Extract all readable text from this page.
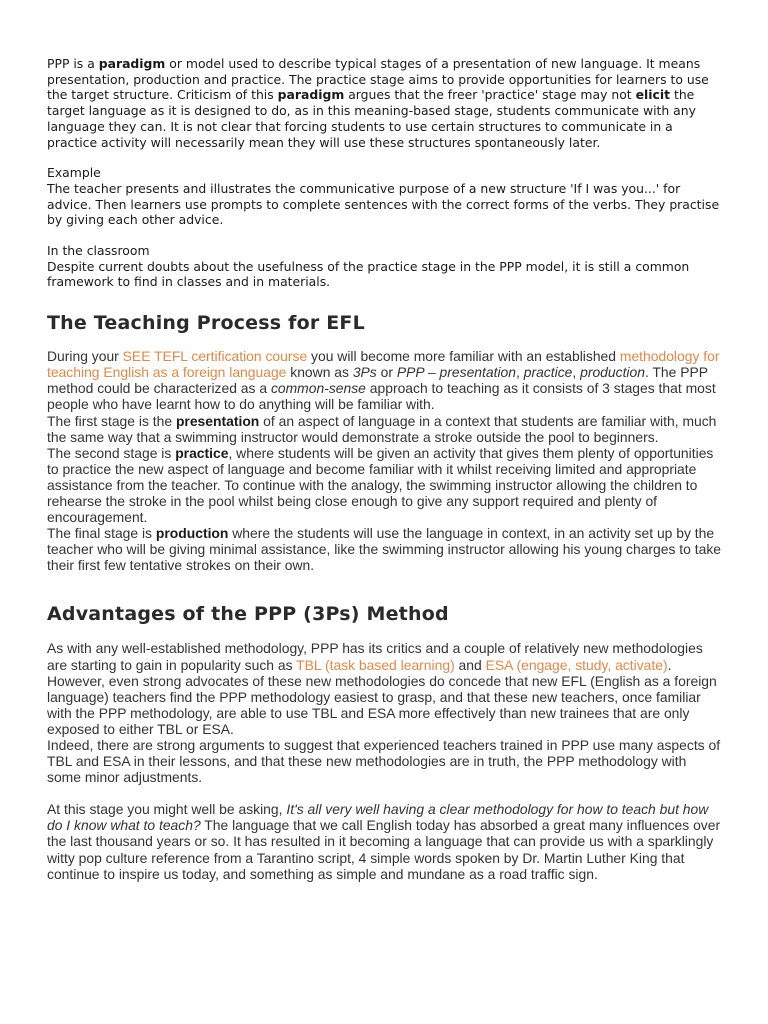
PPP is a paradigm or model used to describe typical stages of a presentation of new language. It means presentation, production and practice. The practice stage aims to provide opportunities for learners to use the target structure. Criticism of this paradigm argues that the freer 'practice' stage may not elicit the target language as it is designed to do, as in this meaning-based stage, students communicate with any language they can. It is not clear that forcing students to use certain structures to communicate in a practice activity will necessarily mean they will use these structures spontaneously later.

Example

The teacher presents and illustrates the communicative purpose of a new structure 'If I was you...' for advice. Then learners use prompts to complete sentences with the correct forms of the verbs. They practise by giving each other advice.

In the classroom

Despite current doubts about the usefulness of the practice stage in the PPP model, it is still a common framework to find in classes and in materials.

The Teaching Process for EFL

During your SEE TEFL certification course you will become more familiar with an established methodology for teaching English as a foreign language known as 3Ps or PPP – presentation, practice, production. The PPP method could be characterized as a common-sense approach to teaching as it consists of 3 stages that most people who have learnt how to do anything will be familiar with.

The first stage is the presentation of an aspect of language in a context that students are familiar with, much the same way that a swimming instructor would demonstrate a stroke outside the pool to beginners.

The second stage is practice, where students will be given an activity that gives them plenty of opportunities to practice the new aspect of language and become familiar with it whilst receiving limited and appropriate assistance from the teacher. To continue with the analogy, the swimming instructor allowing the children to rehearse the stroke in the pool whilst being close enough to give any support required and plenty of encouragement.

The final stage is production where the students will use the language in context, in an activity set up by the teacher who will be giving minimal assistance, like the swimming instructor allowing his young charges to take their first few tentative strokes on their own.

Advantages of the PPP (3Ps) Method

As with any well-established methodology, PPP has its critics and a couple of relatively new methodologies are starting to gain in popularity such as TBL (task based learning) and ESA (engage, study, activate). However, even strong advocates of these new methodologies do concede that new EFL (English as a foreign language) teachers find the PPP methodology easiest to grasp, and that these new teachers, once familiar with the PPP methodology, are able to use TBL and ESA more effectively than new trainees that are only exposed to either TBL or ESA.

Indeed, there are strong arguments to suggest that experienced teachers trained in PPP use many aspects of TBL and ESA in their lessons, and that these new methodologies are in truth, the PPP methodology with some minor adjustments.

At this stage you might well be asking, It's all very well having a clear methodology for how to teach but how do I know what to teach? The language that we call English today has absorbed a great many influences over the last thousand years or so. It has resulted in it becoming a language that can provide us with a sparklingly witty pop culture reference from a Tarantino script, 4 simple words spoken by Dr. Martin Luther King that continue to inspire us today, and something as simple and mundane as a road traffic sign.
